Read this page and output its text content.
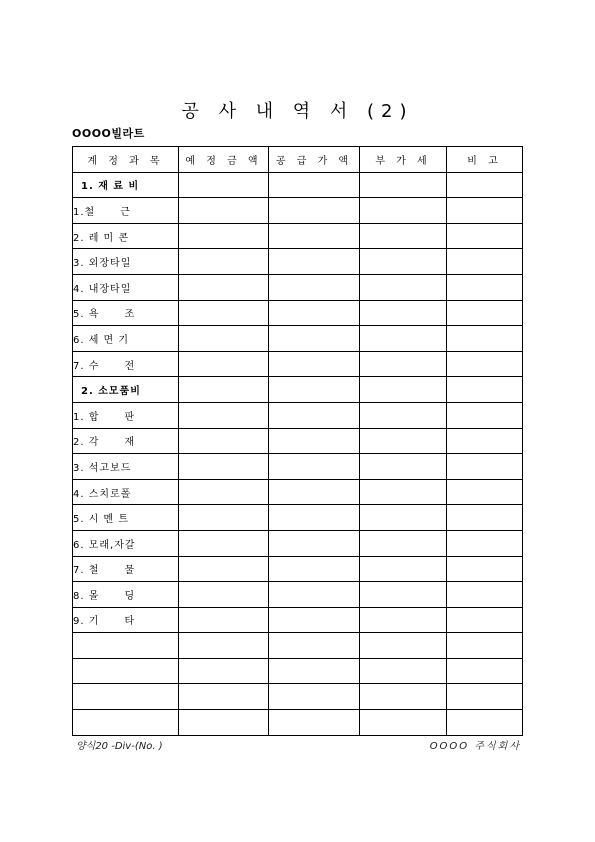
공 사 내 역 서 (2)
OOOO빌라트
계 정 과 목	예 정 금 액	공 급 가 액	부 가 세	비 고
1. 재 료 비				
1.철      근				
2. 레 미 콘				
3. 외장타일				
4. 내장타일				
5. 욕      조				
6. 세 면 기				
7. 수      전				
2. 소모품비				
1. 합      판				
2. 각      재				
3. 석고보드				
4. 스치로폴				
5. 시 멘 트				
6. 모래,자갈				
7. 철      물				
8. 몰      딩				
9. 기      타				

양식20 -Div-(No. )	OOOO 주식회사
